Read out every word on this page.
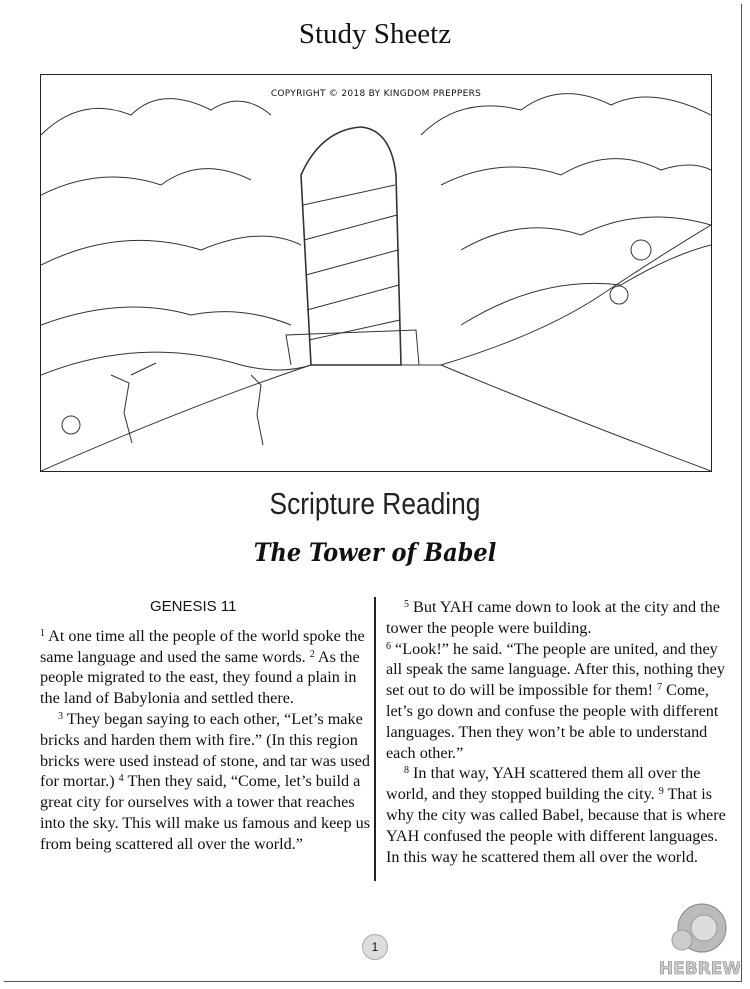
Study Sheetz
COPYRIGHT © 2018 BY KINGDOM PREPPERS
Scripture Reading
The Tower of Babel
GENESIS 11

$^1$ At one time all the people of the world spoke the same language and used the same words. $^2$ As the people migrated to the east, they found a plain in the land of Babylonia and settled there.

$^3$ They began saying to each other, “Let’s make bricks and harden them with fire.” (In this region bricks were used instead of stone, and tar was used for mortar.) $^4$ Then they said, “Come, let’s build a great city for ourselves with a tower that reaches into the sky. This will make us famous and keep us from being scattered all over the world.”

$^5$ But YAH came down to look at the city and the tower the people were building.
$^6$ “Look!” he said. “The people are united, and they all speak the same language. After this, nothing they set out to do will be impossible for them! $^7$ Come, let’s go down and confuse the people with different languages. Then they won’t be able to understand each other.”

$^8$ In that way, YAH scattered them all over the world, and they stopped building the city. $^9$ That is why the city was called Babel, because that is where YAH confused the people with different languages. In this way he scattered them all over the world.

1
HEBREW
